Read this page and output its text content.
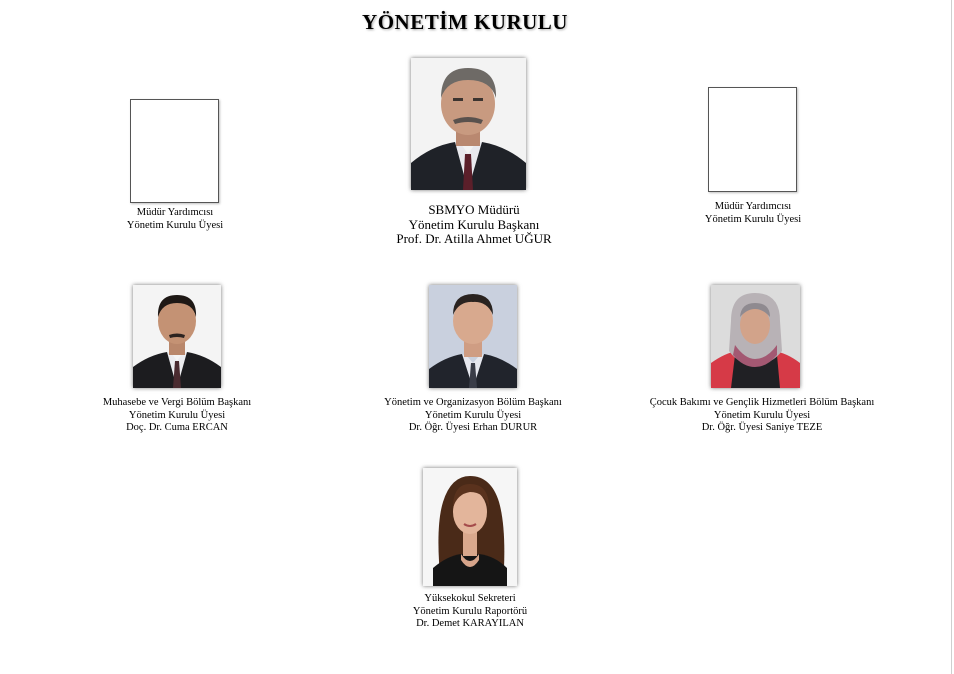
YÖNETİM KURULU
SBMYO Müdürü
Yönetim Kurulu Başkanı
Prof. Dr. Atilla Ahmet UĞUR
Müdür Yardımcısı
Yönetim Kurulu Üyesi
Müdür Yardımcısı
Yönetim Kurulu Üyesi
Muhasebe ve Vergi Bölüm Başkanı
Yönetim Kurulu Üyesi
Doç. Dr. Cuma ERCAN
Yönetim ve Organizasyon Bölüm Başkanı
Yönetim Kurulu Üyesi
Dr. Öğr. Üyesi Erhan DURUR
Çocuk Bakımı ve Gençlik Hizmetleri Bölüm Başkanı
Yönetim Kurulu Üyesi
Dr. Öğr. Üyesi Saniye TEZE
Yüksekokul Sekreteri
Yönetim Kurulu Raportörü
Dr. Demet KARAYILAN
